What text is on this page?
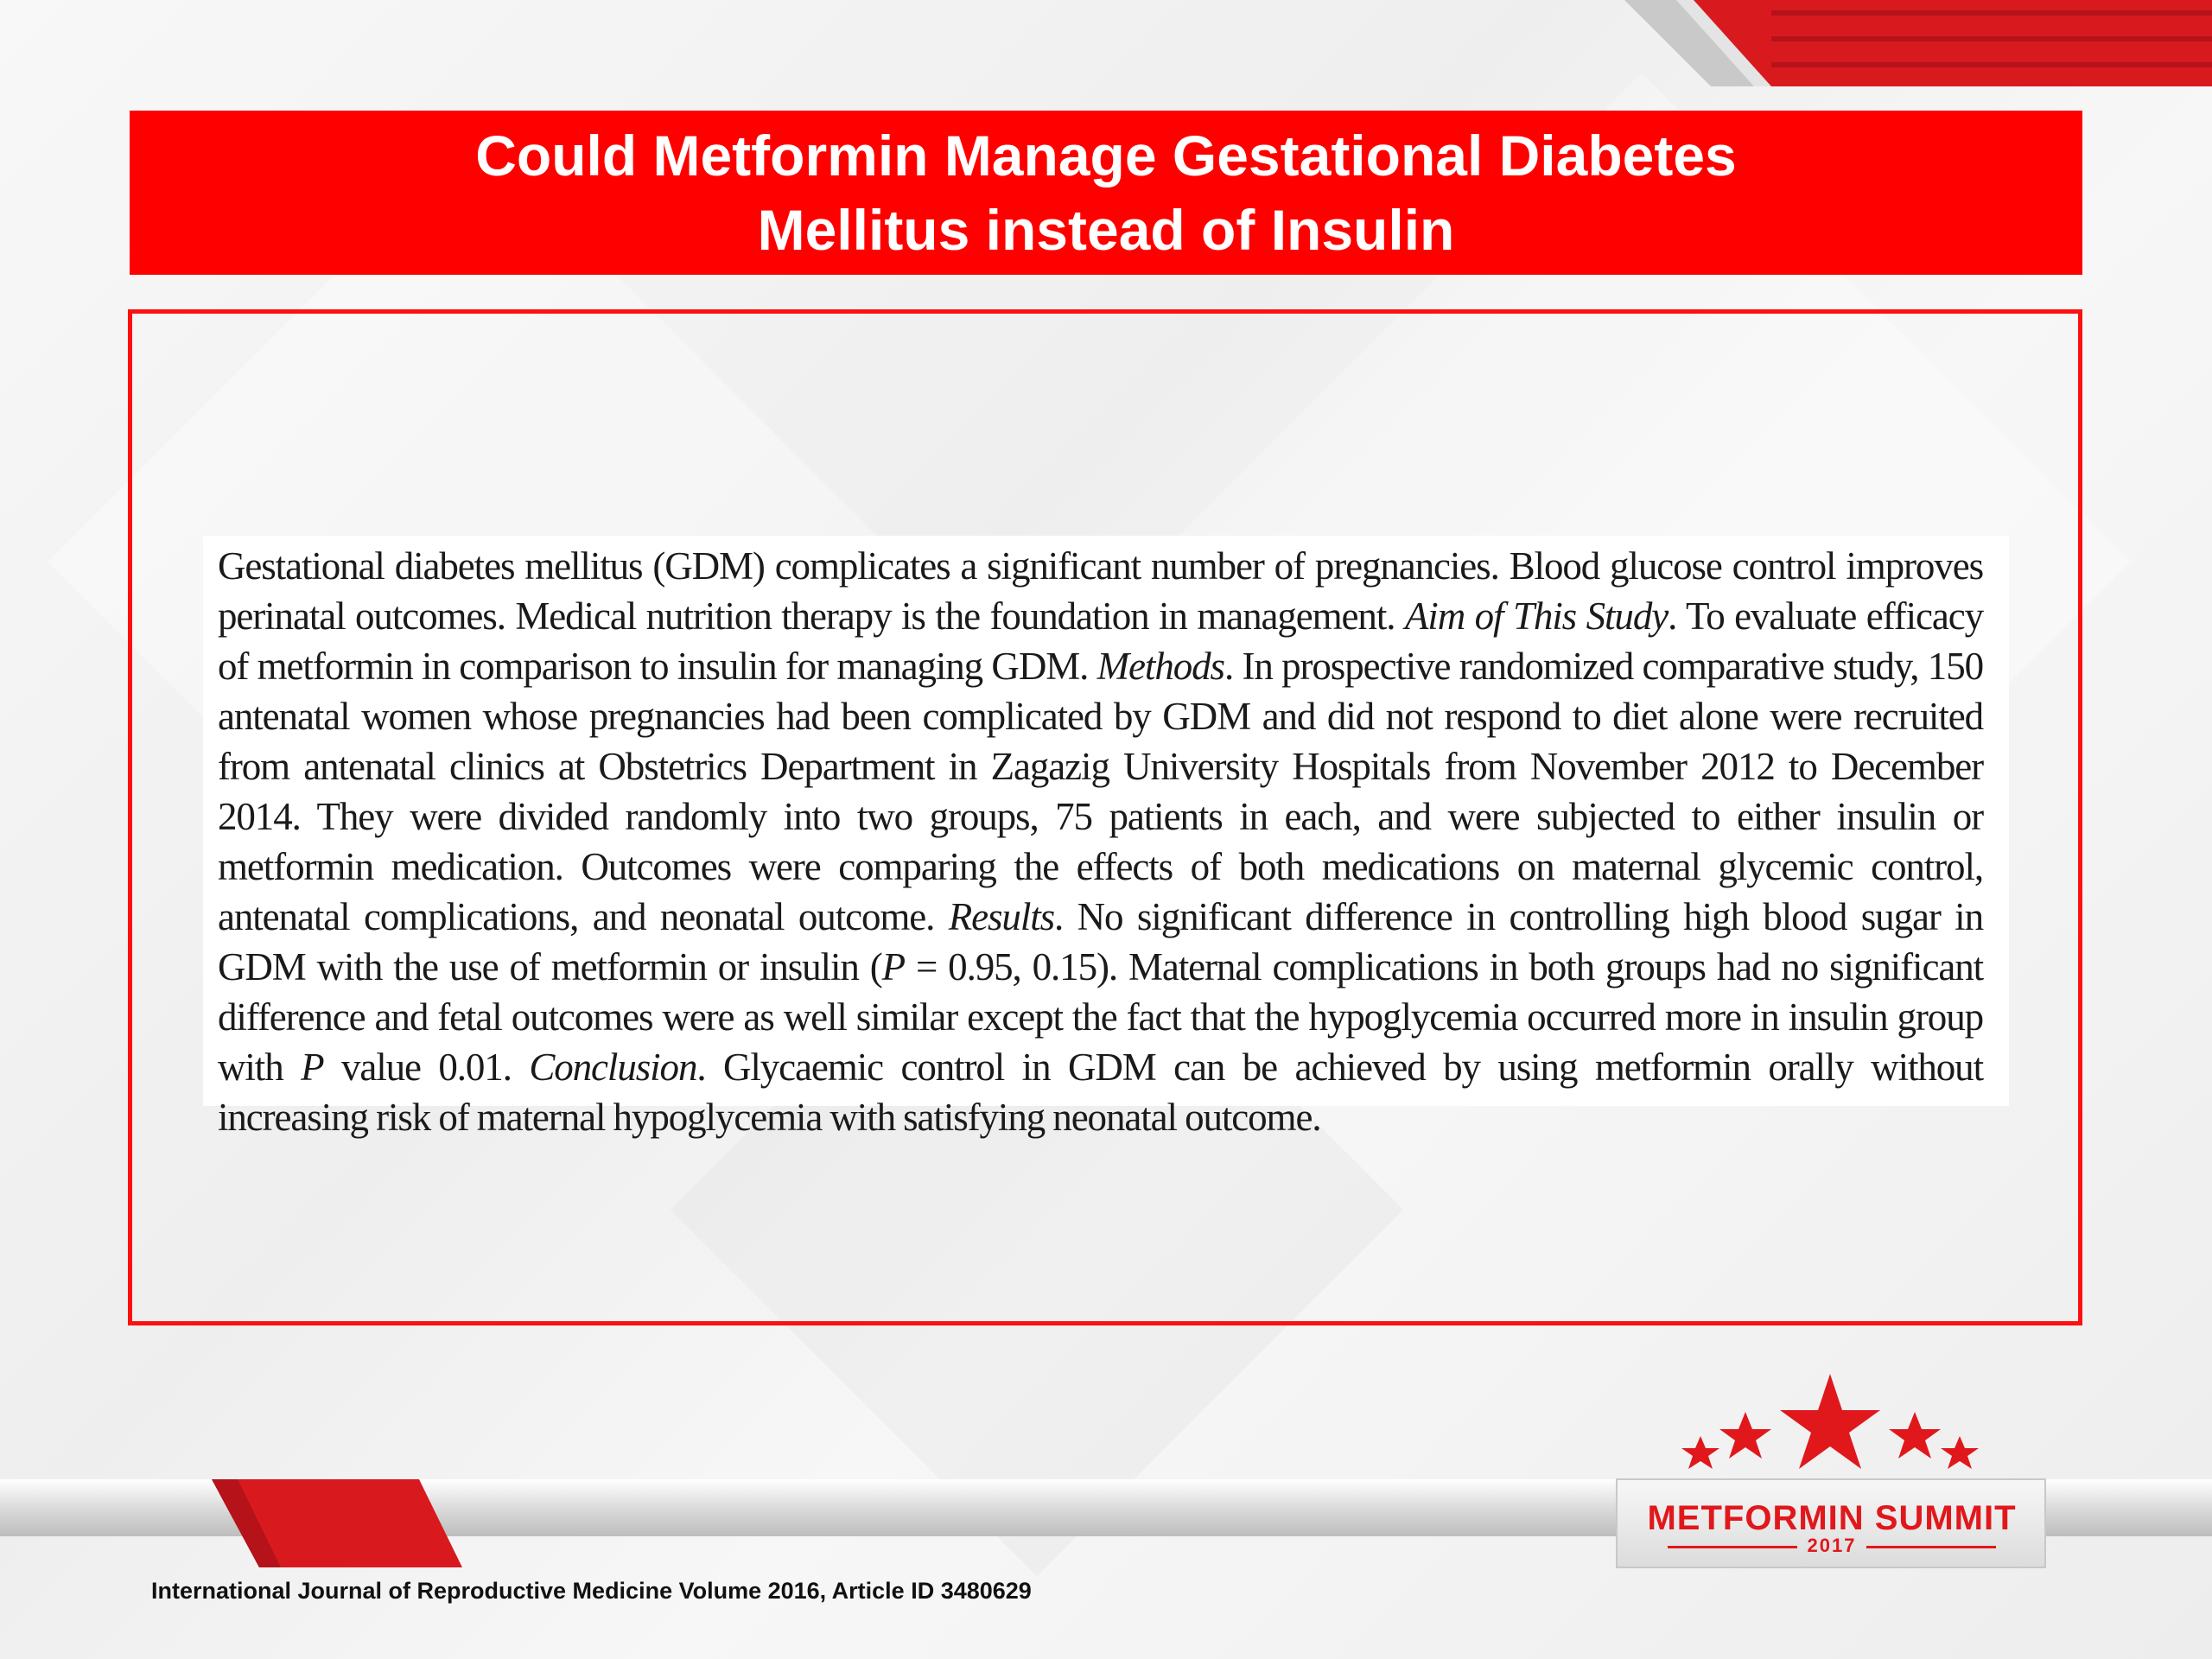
Could Metformin Manage Gestational Diabetes
Mellitus instead of Insulin

Gestational diabetes mellitus (GDM) complicates a significant number of pregnancies. Blood glucose control improves perinatal outcomes. Medical nutrition therapy is the foundation in management. Aim of This Study. To evaluate efficacy of metformin in comparison to insulin for managing GDM. Methods. In prospective randomized comparative study, 150 antenatal women whose pregnancies had been complicated by GDM and did not respond to diet alone were recruited from antenatal clinics at Obstetrics Department in Zagazig University Hospitals from November 2012 to December 2014. They were divided randomly into two groups, 75 patients in each, and were subjected to either insulin or metformin medication. Outcomes were comparing the effects of both medications on maternal glycemic control, antenatal complications, and neonatal outcome. Results. No significant difference in controlling high blood sugar in GDM with the use of metformin or insulin (P = 0.95, 0.15). Maternal complications in both groups had no significant difference and fetal outcomes were as well similar except the fact that the hypoglycemia occurred more in insulin group with P value 0.01. Conclusion. Glycaemic control in GDM can be achieved by using metformin orally without increasing risk of maternal hypoglycemia with satisfying neonatal outcome.

International Journal of Reproductive Medicine Volume 2016, Article ID 3480629
METFORMIN SUMMIT
2017
